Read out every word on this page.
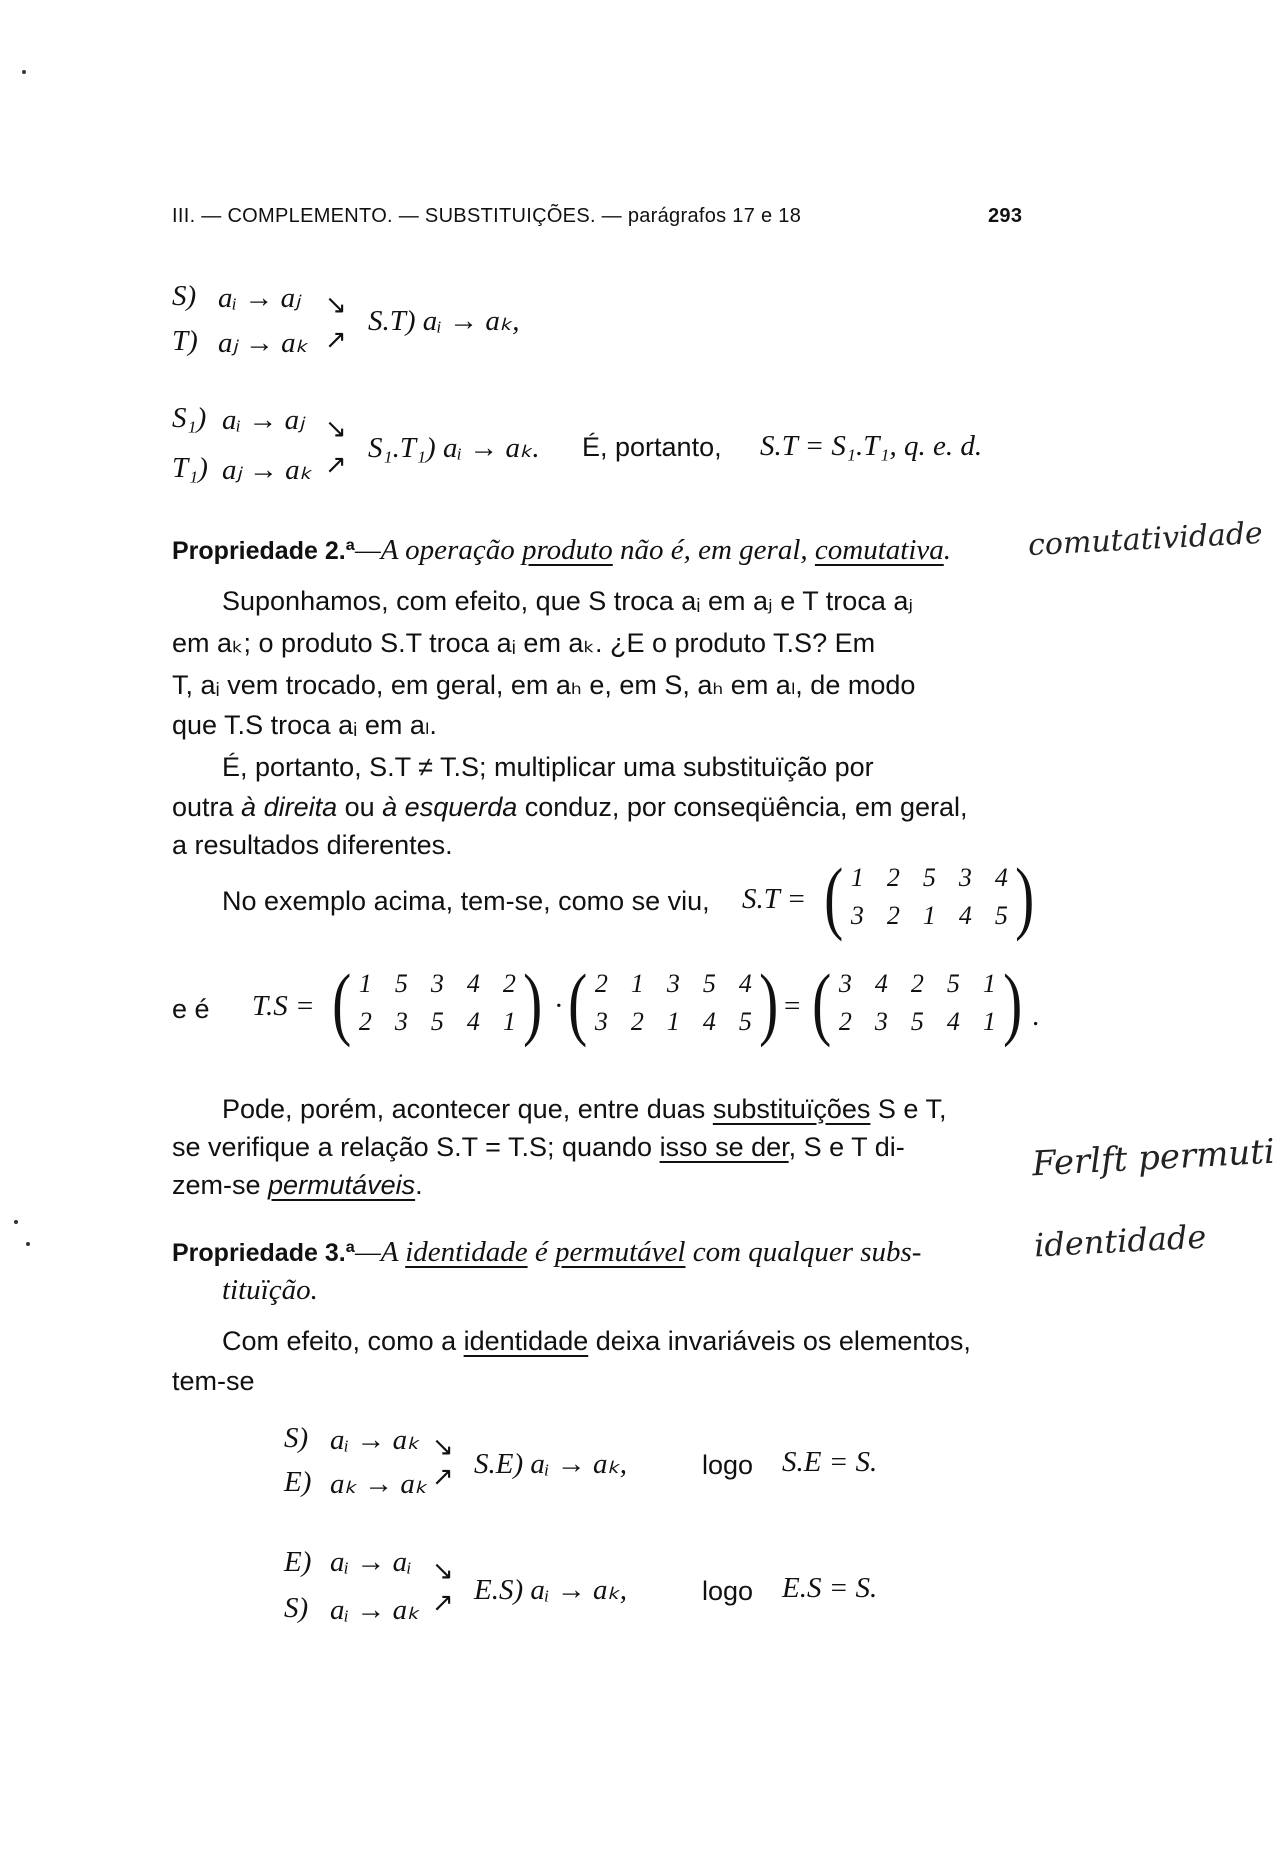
III. — COMPLEMENTO. — SUBSTITUIÇÕES. — parágrafos 17 e 18	293
S) aᵢ → aⱼ ↘
T) aⱼ → aₖ ↗
S.T) aᵢ → aₖ,
S₁) aᵢ → aⱼ ↘
T₁) aⱼ → aₖ ↗
S₁.T₁) aᵢ → aₖ. É, portanto, S.T = S₁.T₁, q. e. d.
Propriedade 2.ª—A operação produto não é, em geral, comutativa.	comutatividade
Suponhamos, com efeito, que S troca aᵢ em aⱼ e T troca aⱼ
em aₖ; o produto S.T troca aᵢ em aₖ. ¿E o produto T.S? Em
T, aᵢ vem trocado, em geral, em aₕ e, em S, aₕ em aₗ, de modo
que T.S troca aᵢ em aₗ.
É, portanto, S.T ≠ T.S; multiplicar uma substituïção por
outra à direita ou à esquerda conduz, por conseqüência, em geral,
a resultados diferentes.
No exemplo acima, tem-se, como se viu, S.T = ( 1 2 5 3 4
3 2 1 4 5 )
e é T.S = ( 1 5 3 4 2
2 3 5 4 1 ) · ( 2 1 3 5 4
3 2 1 4 5 ) = ( 3 4 2 5 1
2 3 5 4 1 ) .
Pode, porém, acontecer que, entre duas substituïções S e T,
se verifique a relação S.T = T.S; quando isso se der, S e T di-
zem-se permutáveis.
Ferlft permuti
Propriedade 3.ª—A identidade é permutável com qualquer subs-
tituïção.
identidade
Com efeito, como a identidade deixa invariáveis os elementos,
tem-se
S) aᵢ → aₖ ↘
E) aₖ → aₖ ↗ S.E) aᵢ → aₖ,	logo S.E = S.
E) aᵢ → aᵢ ↘
S) aᵢ → aₖ ↗ E.S) aᵢ → aₖ,	logo E.S = S.
